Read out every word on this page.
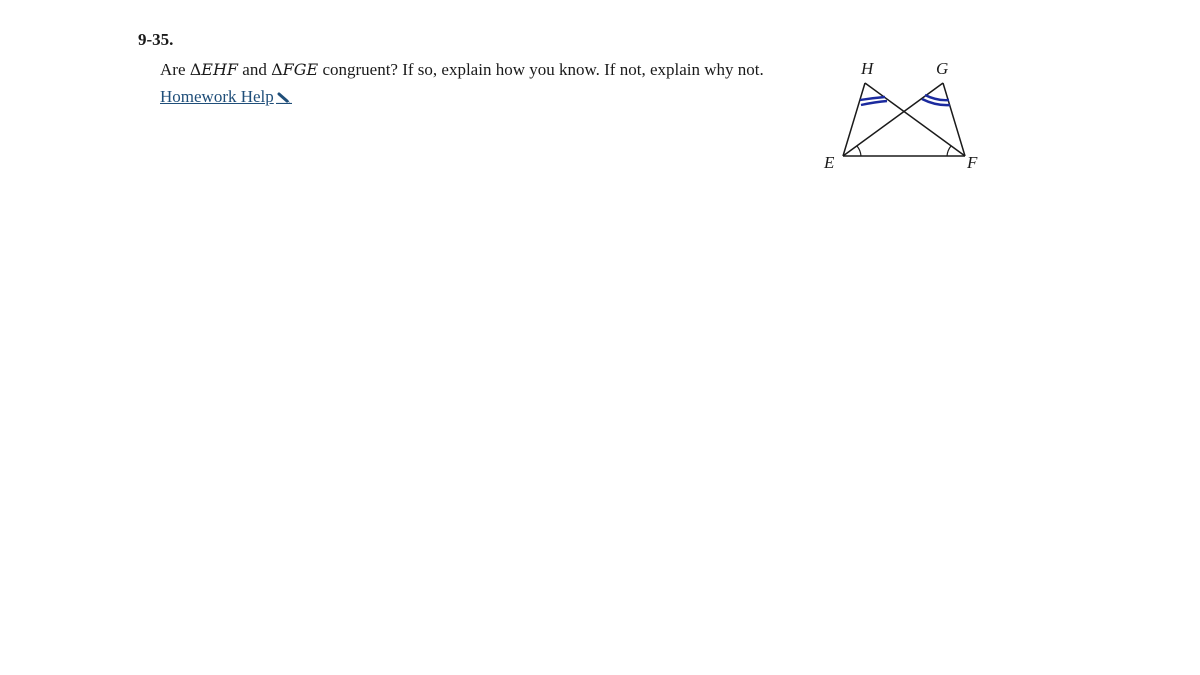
9-35.
Are ΔEHF and ΔFGE congruent? If so, explain how you know. If not, explain why not.  Homework Help
H	G
E	F
